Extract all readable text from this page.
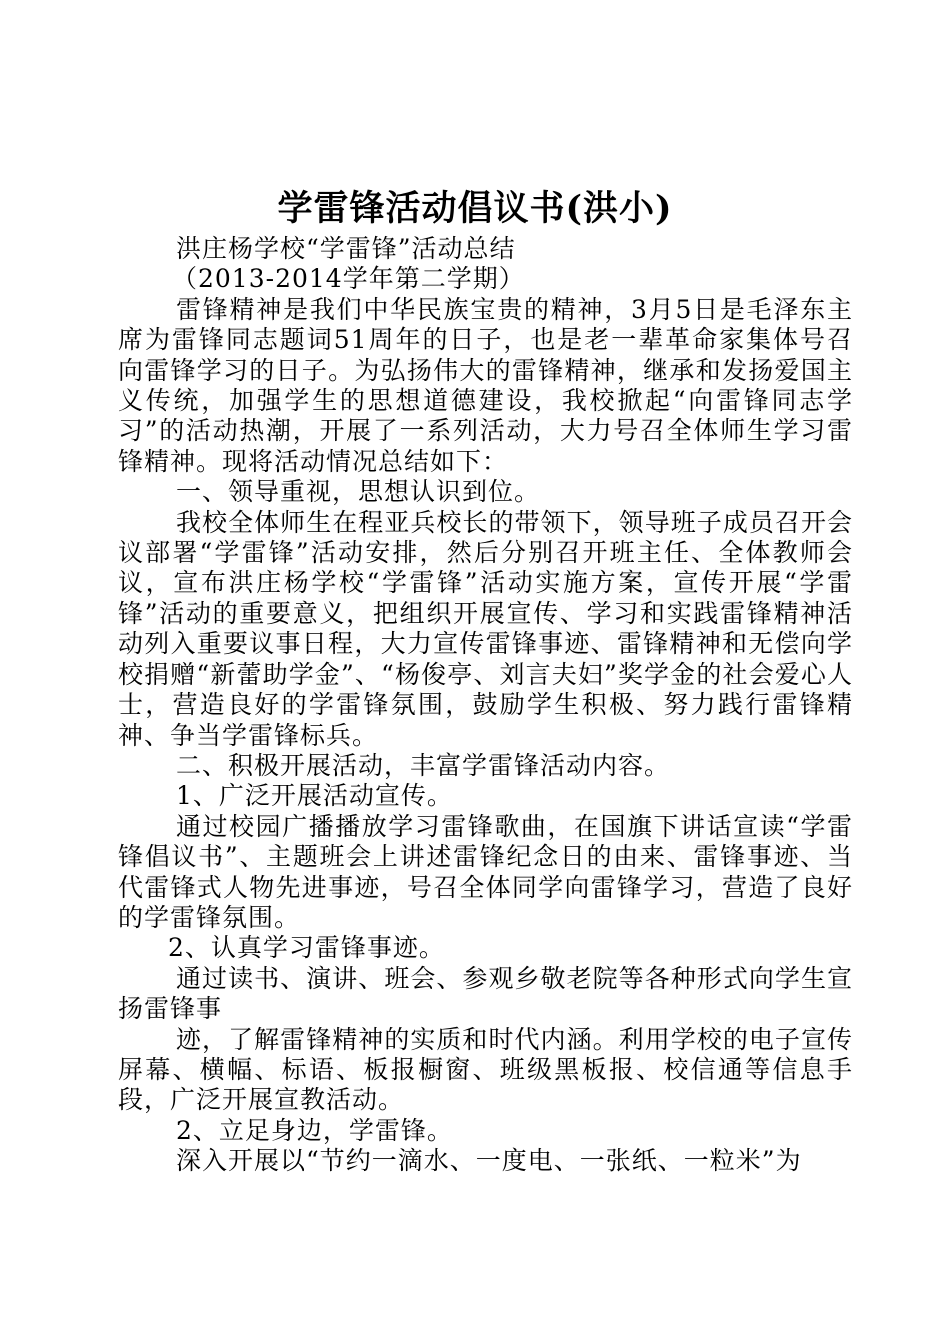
学雷锋活动倡议书(洪小)

洪庄杨学校“学雷锋”活动总结

（2013-2014学年第二学期）

雷锋精神是我们中华民族宝贵的精神，3月5日是毛泽东主席为雷锋同志题词51周年的日子，也是老一辈革命家集体号召向雷锋学习的日子。为弘扬伟大的雷锋精神，继承和发扬爱国主义传统，加强学生的思想道德建设，我校掀起“向雷锋同志学习”的活动热潮，开展了一系列活动，大力号召全体师生学习雷锋精神。现将活动情况总结如下：

一、领导重视，思想认识到位。

我校全体师生在程亚兵校长的带领下，领导班子成员召开会议部署“学雷锋”活动安排，然后分别召开班主任、全体教师会议，宣布洪庄杨学校“学雷锋”活动实施方案，宣传开展“学雷锋”活动的重要意义，把组织开展宣传、学习和实践雷锋精神活动列入重要议事日程，大力宣传雷锋事迹、雷锋精神和无偿向学校捐赠“新蕾助学金”、“杨俊亭、刘言夫妇”奖学金的社会爱心人士，营造良好的学雷锋氛围，鼓励学生积极、努力践行雷锋精神、争当学雷锋标兵。

二、积极开展活动，丰富学雷锋活动内容。

1、广泛开展活动宣传。

通过校园广播播放学习雷锋歌曲，在国旗下讲话宣读“学雷锋倡议书”、主题班会上讲述雷锋纪念日的由来、雷锋事迹、当代雷锋式人物先进事迹，号召全体同学向雷锋学习，营造了良好的学雷锋氛围。

2、认真学习雷锋事迹。

通过读书、演讲、班会、参观乡敬老院等各种形式向学生宣扬雷锋事

迹，了解雷锋精神的实质和时代内涵。利用学校的电子宣传屏幕、横幅、标语、板报橱窗、班级黑板报、校信通等信息手段，广泛开展宣教活动。

2、立足身边，学雷锋。

深入开展以“节约一滴水、一度电、一张纸、一粒米”为
